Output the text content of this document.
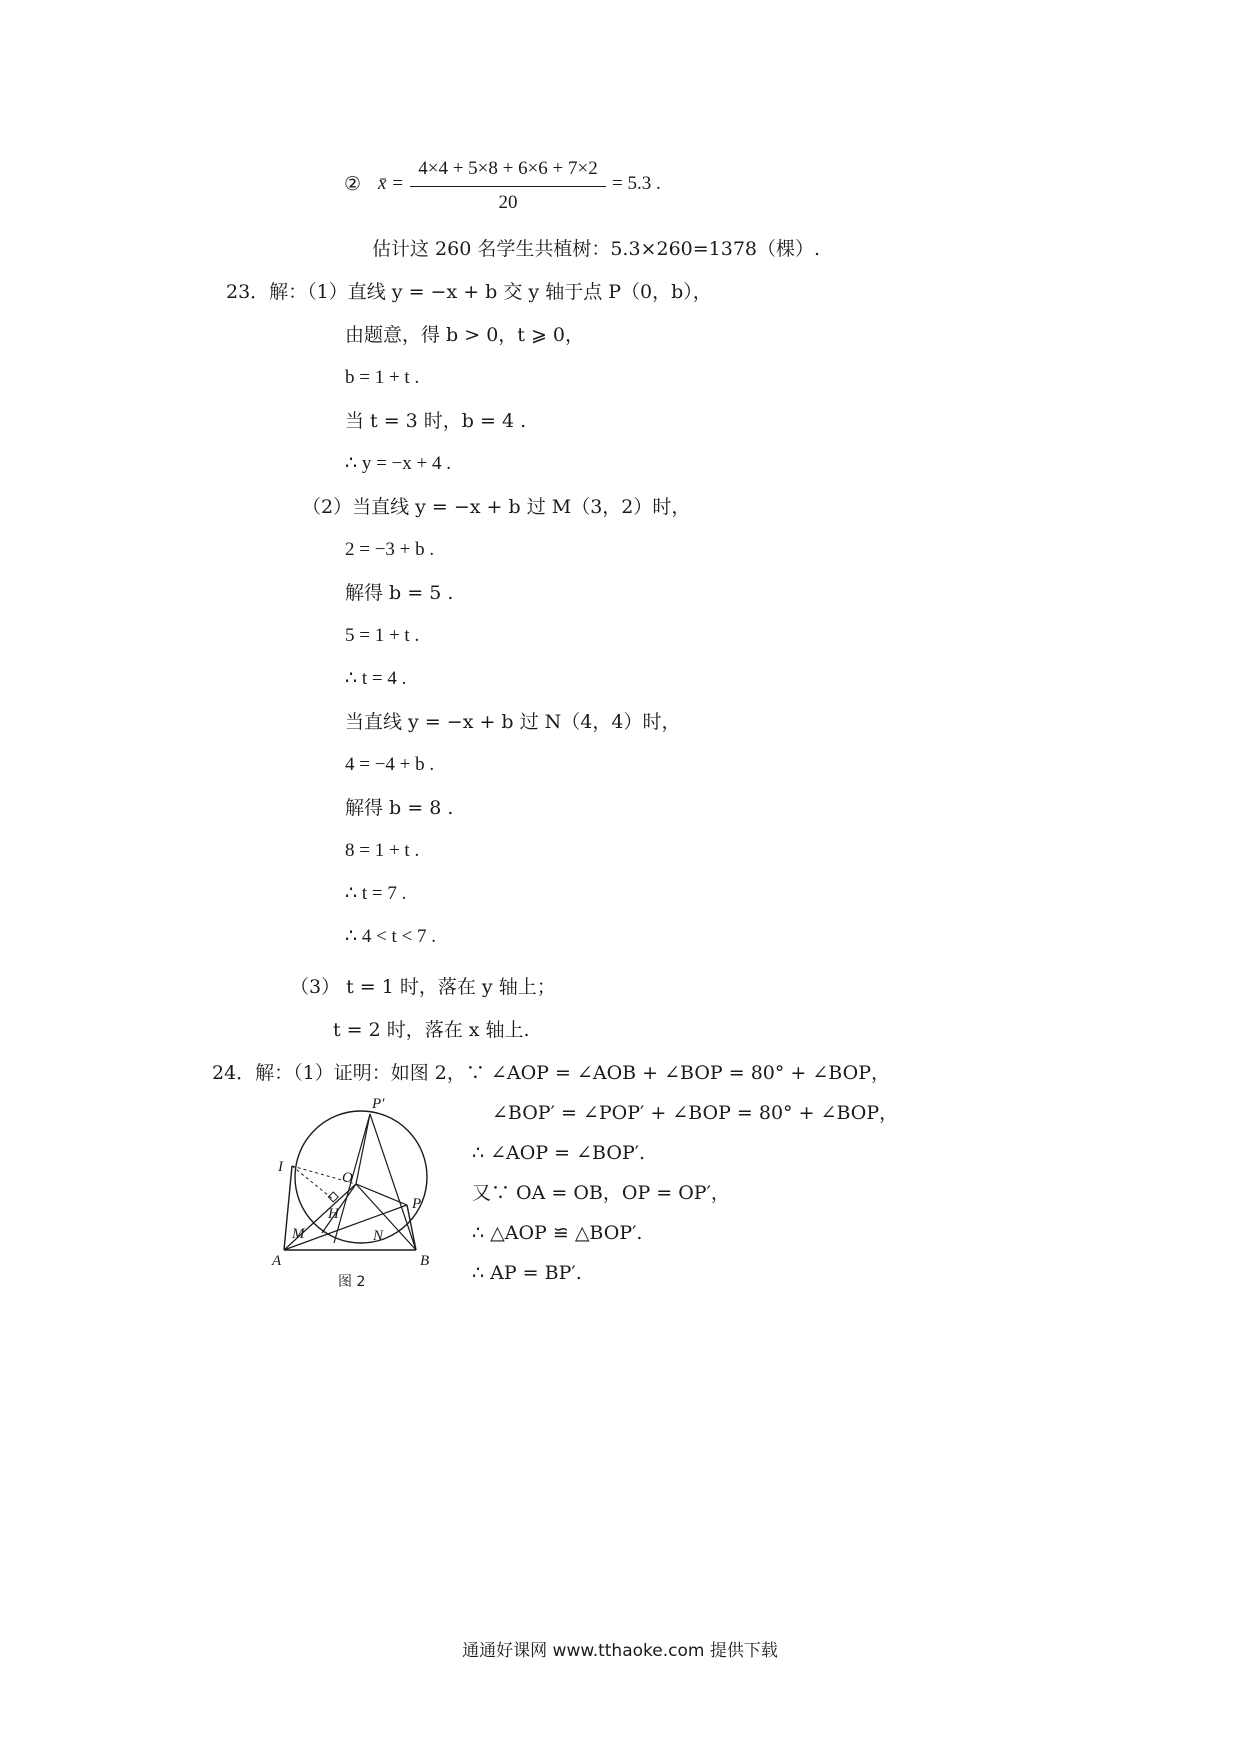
② x̄ =
4×4 + 5×8 + 6×6 + 7×2
20
= 5.3 .
估计这 260 名学生共植树：5.3×260=1378（棵）.
23．解：（1）直线 y = −x + b 交 y 轴于点 P（0，b），
由题意，得 b > 0，t ⩾ 0，
b = 1 + t .
当 t = 3 时，b = 4 .
∴ y = −x + 4 .
（2）当直线 y = −x + b 过 M（3，2）时，
2 = −3 + b .
解得 b = 5 .
5 = 1 + t .
∴ t = 4 .
当直线 y = −x + b 过 N（4，4）时，
4 = −4 + b .
解得 b = 8 .
8 = 1 + t .
∴ t = 7 .
∴ 4 < t < 7 .
（3） t = 1 时，落在 y 轴上；
t = 2 时，落在 x 轴上.
24．解：（1）证明：如图 2，∵ ∠AOP = ∠AOB + ∠BOP = 80° + ∠BOP，
∠BOP′ = ∠POP′ + ∠BOP = 80° + ∠BOP，
∴ ∠AOP = ∠BOP′.
又∵ OA = OB，OP = OP′，
∴ △AOP ≌ △BOP′.
∴ AP = BP′.
P′
O
I
P
H
M	N
A	B
图 2
通通好课网 www.tthaoke.com 提供下载
